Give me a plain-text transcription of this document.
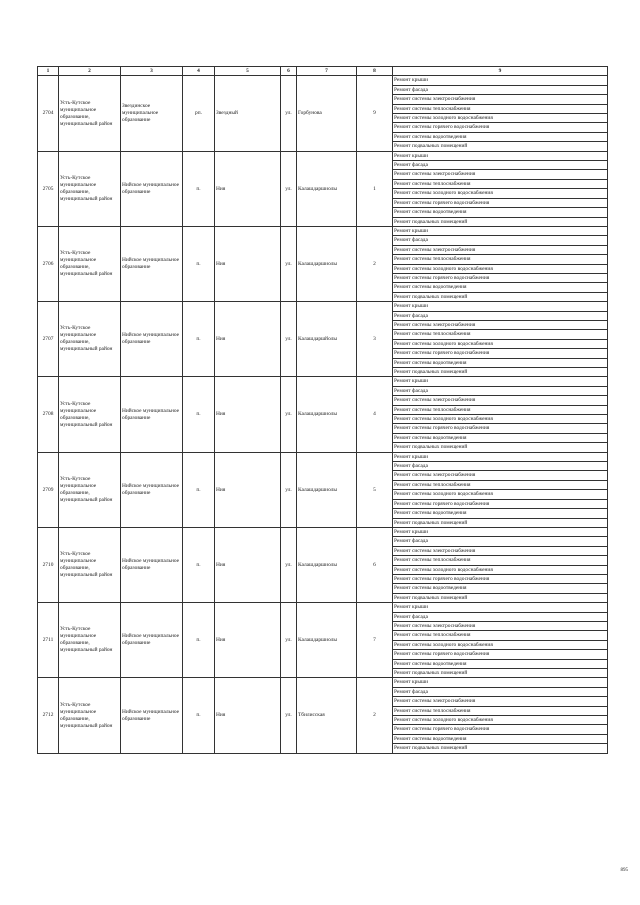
1	2	3	4	5	6	7	8	9
2704	Усть-Кутское муниципальное образование, муниципальный район	Звездинское муниципальное образование	рп.	Звездный	ул.	Горбунова	9	Ремонт крыши
								Ремонт фасада
								Ремонт системы электроснабжения
								Ремонт системы теплоснабжения
								Ремонт системы холодного водоснабжения
								Ремонт системы горячего водоснабжения
								Ремонт системы водоотведения
								Ремонт подвальных помещений
2705	Усть-Кутское муниципальное образование, муниципальный район	Нийское муниципальное образование	п.	Ния	ул.	Калашдаршиолы	1	Ремонт крыши
								Ремонт фасада
								Ремонт системы электроснабжения
								Ремонт системы теплоснабжения
								Ремонт системы холодного водоснабжения
								Ремонт системы горячего водоснабжения
								Ремонт системы водоотведения
								Ремонт подвальных помещений
2706	Усть-Кутское муниципальное образование, муниципальный район	Нийское муниципальное образование	п.	Ния	ул.	Калашдаршиолы	2	Ремонт крыши
								Ремонт фасада
								Ремонт системы электроснабжения
								Ремонт системы теплоснабжения
								Ремонт системы холодного водоснабжения
								Ремонт системы горячего водоснабжения
								Ремонт системы водоотведения
								Ремонт подвальных помещений
2707	Усть-Кутское муниципальное образование, муниципальный район	Нийское муниципальное образование	п.	Ния	ул.	Калашдаршйолы	3	Ремонт крыши
								Ремонт фасада
								Ремонт системы электроснабжения
								Ремонт системы теплоснабжения
								Ремонт системы холодного водоснабжения
								Ремонт системы горячего водоснабжения
								Ремонт системы водоотведения
								Ремонт подвальных помещений
2708	Усть-Кутское муниципальное образование, муниципальный район	Нийское муниципальное образование	п.	Ния	ул.	Калашдаршиолы	4	Ремонт крыши
								Ремонт фасада
								Ремонт системы электроснабжения
								Ремонт системы теплоснабжения
								Ремонт системы холодного водоснабжения
								Ремонт системы горячего водоснабжения
								Ремонт системы водоотведения
								Ремонт подвальных помещений
2709	Усть-Кутское муниципальное образование, муниципальный район	Нийское муниципальное образование	п.	Ния	ул.	Калашдаршиолы	5	Ремонт крыши
								Ремонт фасада
								Ремонт системы электроснабжения
								Ремонт системы теплоснабжения
								Ремонт системы холодного водоснабжения
								Ремонт системы горячего водоснабжения
								Ремонт системы водоотведения
								Ремонт подвальных помещений
2710	Усть-Кутское муниципальное образование, муниципальный район	Нийское муниципальное образование	п.	Ния	ул.	Калашдаршиолы	6	Ремонт крыши
								Ремонт фасада
								Ремонт системы электроснабжения
								Ремонт системы теплоснабжения
								Ремонт системы холодного водоснабжения
								Ремонт системы горячего водоснабжения
								Ремонт системы водоотведения
								Ремонт подвальных помещений
2711	Усть-Кутское муниципальное образование, муниципальный район	Нийское муниципальное образование	п.	Ния	ул.	Калашдаршиолы	7	Ремонт крыши
								Ремонт фасада
								Ремонт системы электроснабжения
								Ремонт системы теплоснабжения
								Ремонт системы холодного водоснабжения
								Ремонт системы горячего водоснабжения
								Ремонт системы водоотведения
								Ремонт подвальных помещений
2712	Усть-Кутское муниципальное образование, муниципальный район	Нийское муниципальное образование	п.	Ния	ул.	Тбилисская	2	Ремонт крыши
								Ремонт фасада
								Ремонт системы электроснабжения
								Ремонт системы теплоснабжения
								Ремонт системы холодного водоснабжения
								Ремонт системы горячего водоснабжения
								Ремонт системы водоотведения
								Ремонт подвальных помещений
895
